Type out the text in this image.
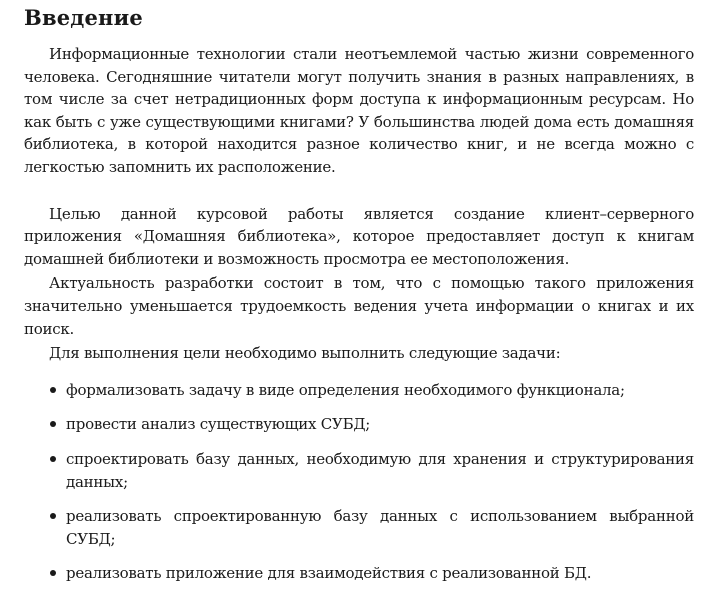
Введение

Информационные технологии стали неотъемлемой частью жизни современного человека. Сегодняшние читатели могут получить знания в разных направлениях, в том числе за счет нетрадиционных форм доступа к информационным ресурсам. Но как быть с уже существующими книгами? У большинства людей дома есть домашняя библиотека, в которой находится разное количество книг, и не всегда можно с легкостью запомнить их расположение.

Целью данной курсовой работы является создание клиент–серверного приложения «Домашняя библиотека», которое предоставляет доступ к книгам домашней библиотеки и возможность просмотра ее местоположения.

Актуальность разработки состоит в том, что с помощью такого приложения значительно уменьшается трудоемкость ведения учета информации о книгах и их поиск.

Для выполнения цели необходимо выполнить следующие задачи:

формализовать задачу в виде определения необходимого функционала;
провести анализ существующих СУБД;
спроектировать базу данных, необходимую для хранения и структурирования данных;
реализовать спроектированную базу данных с использованием выбранной СУБД;
реализовать приложение для взаимодействия с реализованной БД.
